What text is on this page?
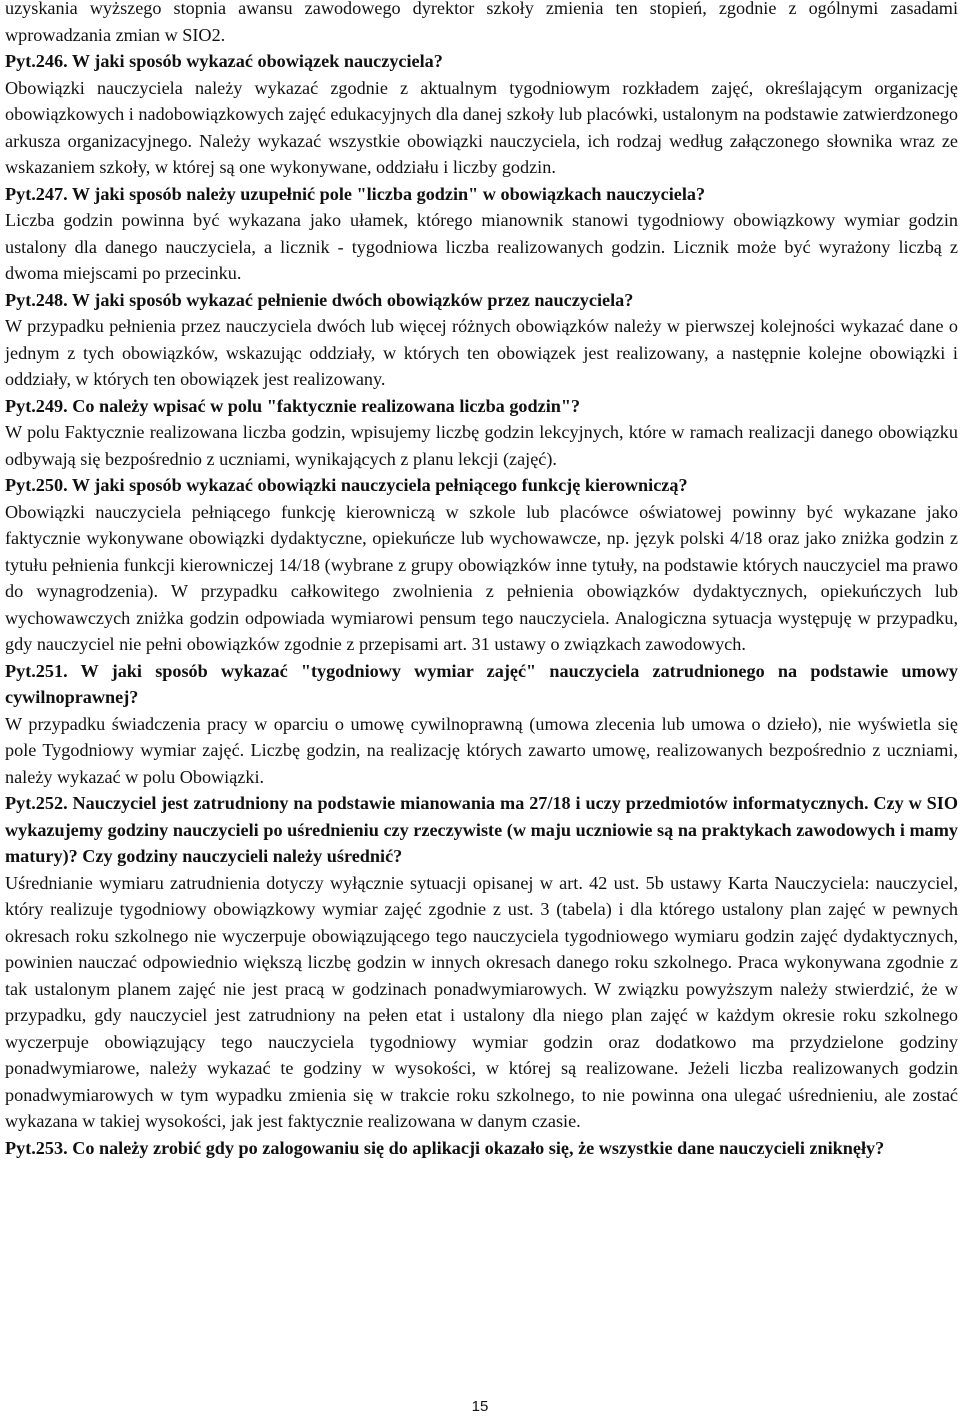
uzyskania wyższego stopnia awansu zawodowego dyrektor szkoły zmienia ten stopień, zgodnie z ogólnymi zasadami wprowadzania zmian w SIO2.

Pyt.246. W jaki sposób wykazać obowiązek nauczyciela?

Obowiązki nauczyciela należy wykazać zgodnie z aktualnym tygodniowym rozkładem zajęć, określającym organizację obowiązkowych i nadobowiązkowych zajęć edukacyjnych dla danej szkoły lub placówki, ustalonym na podstawie zatwierdzonego arkusza organizacyjnego. Należy wykazać wszystkie obowiązki nauczyciela, ich rodzaj według załączonego słownika wraz ze wskazaniem szkoły, w której są one wykonywane, oddziału i liczby godzin.

Pyt.247. W jaki sposób należy uzupełnić pole "liczba godzin" w obowiązkach nauczyciela?

Liczba godzin powinna być wykazana jako ułamek, którego mianownik stanowi tygodniowy obowiązkowy wymiar godzin ustalony dla danego nauczyciela, a licznik - tygodniowa liczba realizowanych godzin. Licznik może być wyrażony liczbą z dwoma miejscami po przecinku.

Pyt.248. W jaki sposób wykazać pełnienie dwóch obowiązków przez nauczyciela?

W przypadku pełnienia przez nauczyciela dwóch lub więcej różnych obowiązków należy w pierwszej kolejności wykazać dane o jednym z tych obowiązków, wskazując oddziały, w których ten obowiązek jest realizowany, a następnie kolejne obowiązki i oddziały, w których ten obowiązek jest realizowany.

Pyt.249. Co należy wpisać w polu "faktycznie realizowana liczba godzin"?

W polu Faktycznie realizowana liczba godzin, wpisujemy liczbę godzin lekcyjnych, które w ramach realizacji danego obowiązku odbywają się bezpośrednio z uczniami, wynikających z planu lekcji (zajęć).

Pyt.250. W jaki sposób wykazać obowiązki nauczyciela pełniącego funkcję kierowniczą?

Obowiązki nauczyciela pełniącego funkcję kierowniczą w szkole lub placówce oświatowej powinny być wykazane jako faktycznie wykonywane obowiązki dydaktyczne, opiekuńcze lub wychowawcze, np. język polski 4/18 oraz jako zniżka godzin z tytułu pełnienia funkcji kierowniczej 14/18 (wybrane z grupy obowiązków inne tytuły, na podstawie których nauczyciel ma prawo do wynagrodzenia). W przypadku całkowitego zwolnienia z pełnienia obowiązków dydaktycznych, opiekuńczych lub wychowawczych zniżka godzin odpowiada wymiarowi pensum tego nauczyciela. Analogiczna sytuacja występuję w przypadku, gdy nauczyciel nie pełni obowiązków zgodnie z przepisami art. 31 ustawy o związkach zawodowych.

Pyt.251. W jaki sposób wykazać "tygodniowy wymiar zajęć" nauczyciela zatrudnionego na podstawie umowy cywilnoprawnej?

W przypadku świadczenia pracy w oparciu o umowę cywilnoprawną (umowa zlecenia lub umowa o dzieło), nie wyświetla się pole Tygodniowy wymiar zajęć. Liczbę godzin, na realizację których zawarto umowę, realizowanych bezpośrednio z uczniami, należy wykazać w polu Obowiązki.

Pyt.252. Nauczyciel jest zatrudniony na podstawie mianowania ma 27/18 i uczy przedmiotów informatycznych. Czy w SIO wykazujemy godziny nauczycieli po uśrednieniu czy rzeczywiste (w maju uczniowie są na praktykach zawodowych i mamy matury)? Czy godziny nauczycieli należy uśrednić?

Uśrednianie wymiaru zatrudnienia dotyczy wyłącznie sytuacji opisanej w art. 42 ust. 5b ustawy Karta Nauczyciela: nauczyciel, który realizuje tygodniowy obowiązkowy wymiar zajęć zgodnie z ust. 3 (tabela) i dla którego ustalony plan zajęć w pewnych okresach roku szkolnego nie wyczerpuje obowiązującego tego nauczyciela tygodniowego wymiaru godzin zajęć dydaktycznych, powinien nauczać odpowiednio większą liczbę godzin w innych okresach danego roku szkolnego. Praca wykonywana zgodnie z tak ustalonym planem zajęć nie jest pracą w godzinach ponadwymiarowych. W związku powyższym należy stwierdzić, że w przypadku, gdy nauczyciel jest zatrudniony na pełen etat i ustalony dla niego plan zajęć w każdym okresie roku szkolnego wyczerpuje obowiązujący tego nauczyciela tygodniowy wymiar godzin oraz dodatkowo ma przydzielone godziny ponadwymiarowe, należy wykazać te godziny w wysokości, w której są realizowane. Jeżeli liczba realizowanych godzin ponadwymiarowych w tym wypadku zmienia się w trakcie roku szkolnego, to nie powinna ona ulegać uśrednieniu, ale zostać wykazana w takiej wysokości, jak jest faktycznie realizowana w danym czasie.

Pyt.253. Co należy zrobić gdy po zalogowaniu się do aplikacji okazało się, że wszystkie dane nauczycieli zniknęły?

15
